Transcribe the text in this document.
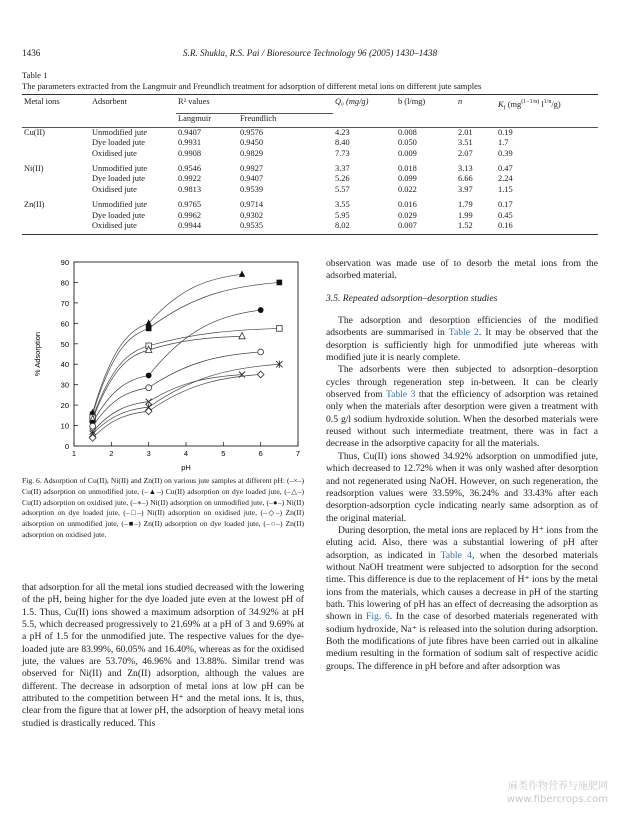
1436	S.R. Shukla, R.S. Pai / Bioresource Technology 96 (2005) 1430–1438
Table 1
The parameters extracted from the Langmuir and Freundlich treatment for adsorption of different metal ions on different jute samples
Metal ions	Adsorbent	R² values		Q₀ (mg/g)	b (l/mg)	n	$K_f$ ($mg^{(1-1/n)}$ $l^{1/n}/g$)
		Langmuir	Freundlich				
Cu(II)	Unmodified jute	0.9407	0.9576	4.23	0.008	2.01	0.19
	Dye loaded jute	0.9931	0.9450	8.40	0.050	3.51	1.7
	Oxidised jute	0.9908	0.9829	7.73	0.009	2.07	0.39
Ni(II)	Unmodified jute	0.9546	0.9927	3.37	0.018	3.13	0.47
	Dye loaded jute	0.9922	0.9407	5.26	0.099	6.66	2.24
	Oxidised jute	0.9813	0.9539	5.57	0.022	3.97	1.15
Zn(II)	Unmodified jute	0.9765	0.9714	3.55	0.016	1.79	0.17
	Dye loaded jute	0.9962	0.9302	5.95	0.029	1.99	0.45
	Oxidised jute	0.9944	0.9535	8.02	0.007	1.52	0.16
0
10
20
30
40
50
60
70
80
90
1	2	3	4	5	6	7
pH
% Adsorption
Fig. 6. Adsorption of Cu(II), Ni(II) and Zn(II) on various jute samples at different pH: (–×–) Cu(II) adsorption on unmodified jute, (–▲–) Cu(II) adsorption on dye loaded jute, (–△–) Cu(II) adsorption on oxidised jute, (–∗–) Ni(II) adsorption on unmodified jute, (–●–) Ni(II) adsorption on dye loaded jute, (–□–) Ni(II) adsorption on oxidised jute, (–◇–) Zn(II) adsorption on unmodified jute, (–■–) Zn(II) adsorption on dye loaded jute, (–○–) Zn(II) adsorption on oxidised jute.

that adsorption for all the metal ions studied decreased with the lowering of the pH, being higher for the dye loaded jute even at the lowest pH of 1.5. Thus, Cu(II) ions showed a maximum adsorption of 34.92% at pH 5.5, which decreased progressively to 21.69% at a pH of 3 and 9.69% at a pH of 1.5 for the unmodified jute. The respective values for the dye-loaded jute are 83.99%, 60.05% and 16.40%, whereas as for the oxidised jute, the values are 53.70%, 46.96% and 13.88%. Similar trend was observed for Ni(II) and Zn(II) adsorption, although the values are different. The decrease in adsorption of metal ions at low pH can be attributed to the competition between H⁺ and the metal ions. It is, thus, clear from the figure that at lower pH, the adsorption of heavy metal ions studied is drastically reduced. This

observation was made use of to desorb the metal ions from the adsorbed material.

3.5. Repeated adsorption–desorption studies

The adsorption and desorption efficiencies of the modified adsorbents are summarised in Table 2. It may be observed that the desorption is sufficiently high for unmodified jute whereas with modified jute it is nearly complete.

The adsorbents were then subjected to adsorption–desorption cycles through regeneration step in-between. It can be clearly observed from Table 3 that the efficiency of adsorption was retained only when the materials after desorption were given a treatment with 0.5 g/l sodium hydroxide solution. When the desorbed materials were reused without such intermediate treatment, there was in fact a decrease in the adsorptive capacity for all the materials.

Thus, Cu(II) ions showed 34.92% adsorption on unmodified jute, which decreased to 12.72% when it was only washed after desorption and not regenerated using NaOH. However, on such regeneration, the readsorption values were 33.59%, 36.24% and 33.43% after each desorption-adsorption cycle indicating nearly same adsorption as of the original material.

During desorption, the metal ions are replaced by H⁺ ions from the eluting acid. Also, there was a substantial lowering of pH after adsorption, as indicated in Table 4, when the desorbed materials without NaOH treatment were subjected to adsorption for the second time. This difference is due to the replacement of H⁺ ions by the metal ions from the materials, which causes a decrease in pH of the starting bath. This lowering of pH has an effect of decreasing the adsorption as shown in Fig. 6. In the case of desorbed materials regenerated with sodium hydroxide, Na⁺ is released into the solution during adsorption. Both the modifications of jute fibres have been carried out in alkaline medium resulting in the formation of sodium salt of respective acidic groups. The difference in pH before and after adsorption was

麻类作物营养与施肥网
www.fibercrops.com
